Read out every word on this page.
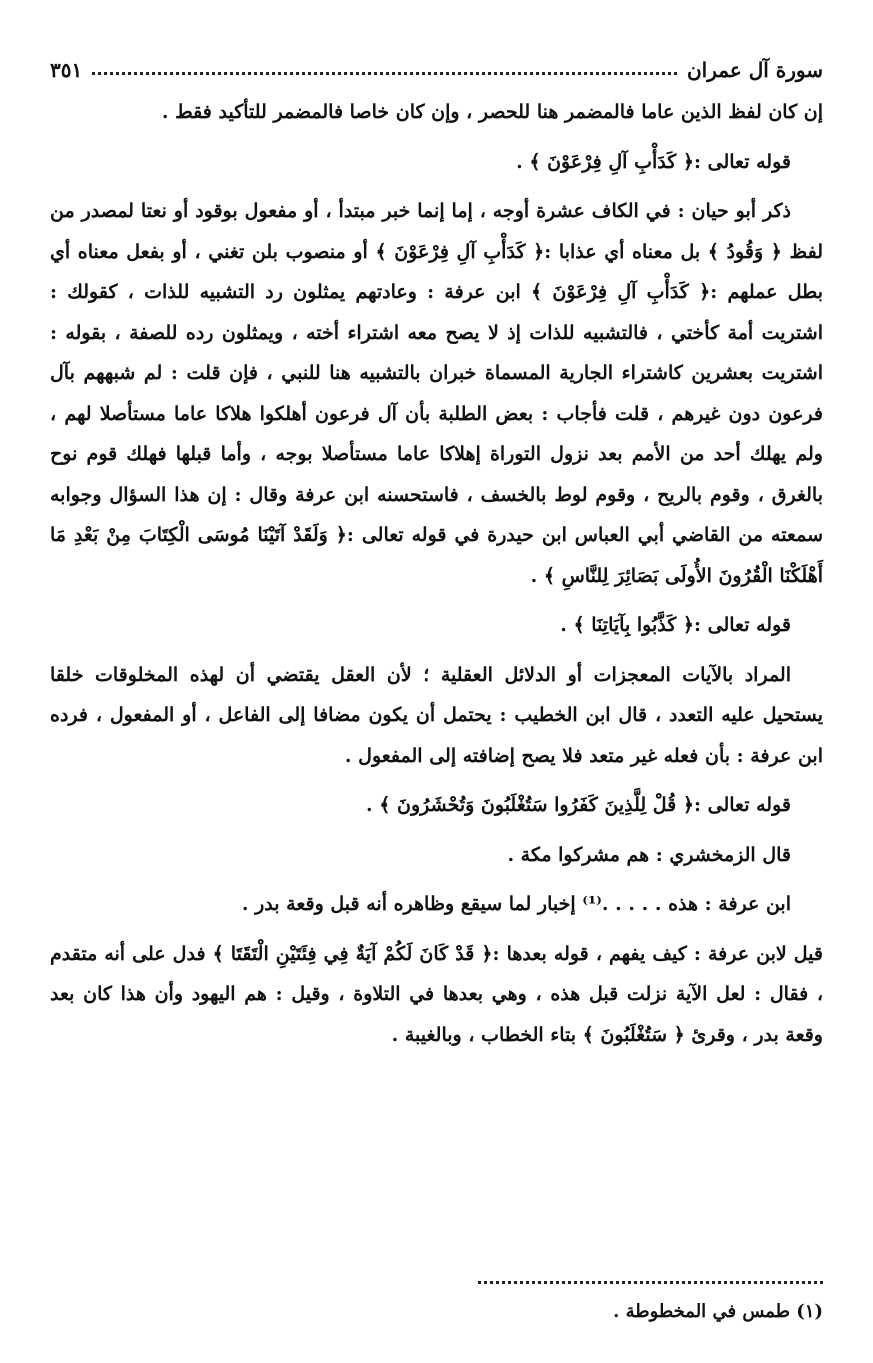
سورة آل عمران
٣٥١

إن كان لفظ الذين عاما فالمضمر هنا للحصر ، وإن كان خاصا فالمضمر للتأكيد فقط .

قوله تعالى :﴿ كَدَأْبِ آلِ فِرْعَوْنَ ﴾ .

ذكر أبو حيان : في الكاف عشرة أوجه ، إما إنما خبر مبتدأ ، أو مفعول بوقود أو نعتا لمصدر من لفظ ﴿ وَقُودُ ﴾ بل معناه أي عذابا :﴿ كَدَأْبِ آلِ فِرْعَوْنَ ﴾ أو منصوب بلن تغني ، أو بفعل معناه أي بطل عملهم :﴿ كَدَأْبِ آلِ فِرْعَوْنَ ﴾ ابن عرفة : وعادتهم يمثلون رد التشبيه للذات ، كقولك : اشتريت أمة كأختي ، فالتشبيه للذات إذ لا يصح معه اشتراء أخته ، ويمثلون رده للصفة ، بقوله : اشتريت بعشرين كاشتراء الجارية المسماة خبران بالتشبيه هنا للنبي ، فإن قلت : لم شبههم بآل فرعون دون غيرهم ، قلت فأجاب : بعض الطلبة بأن آل فرعون أهلكوا هلاكا عاما مستأصلا لهم ، ولم يهلك أحد من الأمم بعد نزول التوراة إهلاكا عاما مستأصلا بوجه ، وأما قبلها فهلك قوم نوح بالغرق ، وقوم بالريح ، وقوم لوط بالخسف ، فاستحسنه ابن عرفة وقال : إن هذا السؤال وجوابه سمعته من القاضي أبي العباس ابن حيدرة في قوله تعالى :﴿ وَلَقَدْ آتَيْنَا مُوسَى الْكِتَابَ مِنْ بَعْدِ مَا أَهْلَكْنَا الْقُرُونَ الأُولَى بَصَائِرَ لِلنَّاسِ ﴾ .

قوله تعالى :﴿ كَذَّبُوا بِآيَاتِنَا ﴾ .

المراد بالآيات المعجزات أو الدلائل العقلية ؛ لأن العقل يقتضي أن لهذه المخلوقات خلقا يستحيل عليه التعدد ، قال ابن الخطيب : يحتمل أن يكون مضافا إلى الفاعل ، أو المفعول ، فرده ابن عرفة : بأن فعله غير متعد فلا يصح إضافته إلى المفعول .

قوله تعالى :﴿ قُلْ لِلَّذِينَ كَفَرُوا سَتُغْلَبُونَ وَتُحْشَرُونَ ﴾ .

قال الزمخشري : هم مشركوا مكة .

ابن عرفة : هذه . . . . .⁽¹⁾ إخبار لما سيقع وظاهره أنه قبل وقعة بدر .

قيل لابن عرفة : كيف يفهم ، قوله بعدها :﴿ قَدْ كَانَ لَكُمْ آيَةٌ فِي فِئَتَيْنِ الْتَقَتَا ﴾ فدل على أنه متقدم ، فقال : لعل الآية نزلت قبل هذه ، وهي بعدها في التلاوة ، وقيل : هم اليهود وأن هذا كان بعد وقعة بدر ، وقرئ ﴿ سَتُغْلَبُونَ ﴾ بتاء الخطاب ، وبالغيبة .

(١) طمس في المخطوطة .
